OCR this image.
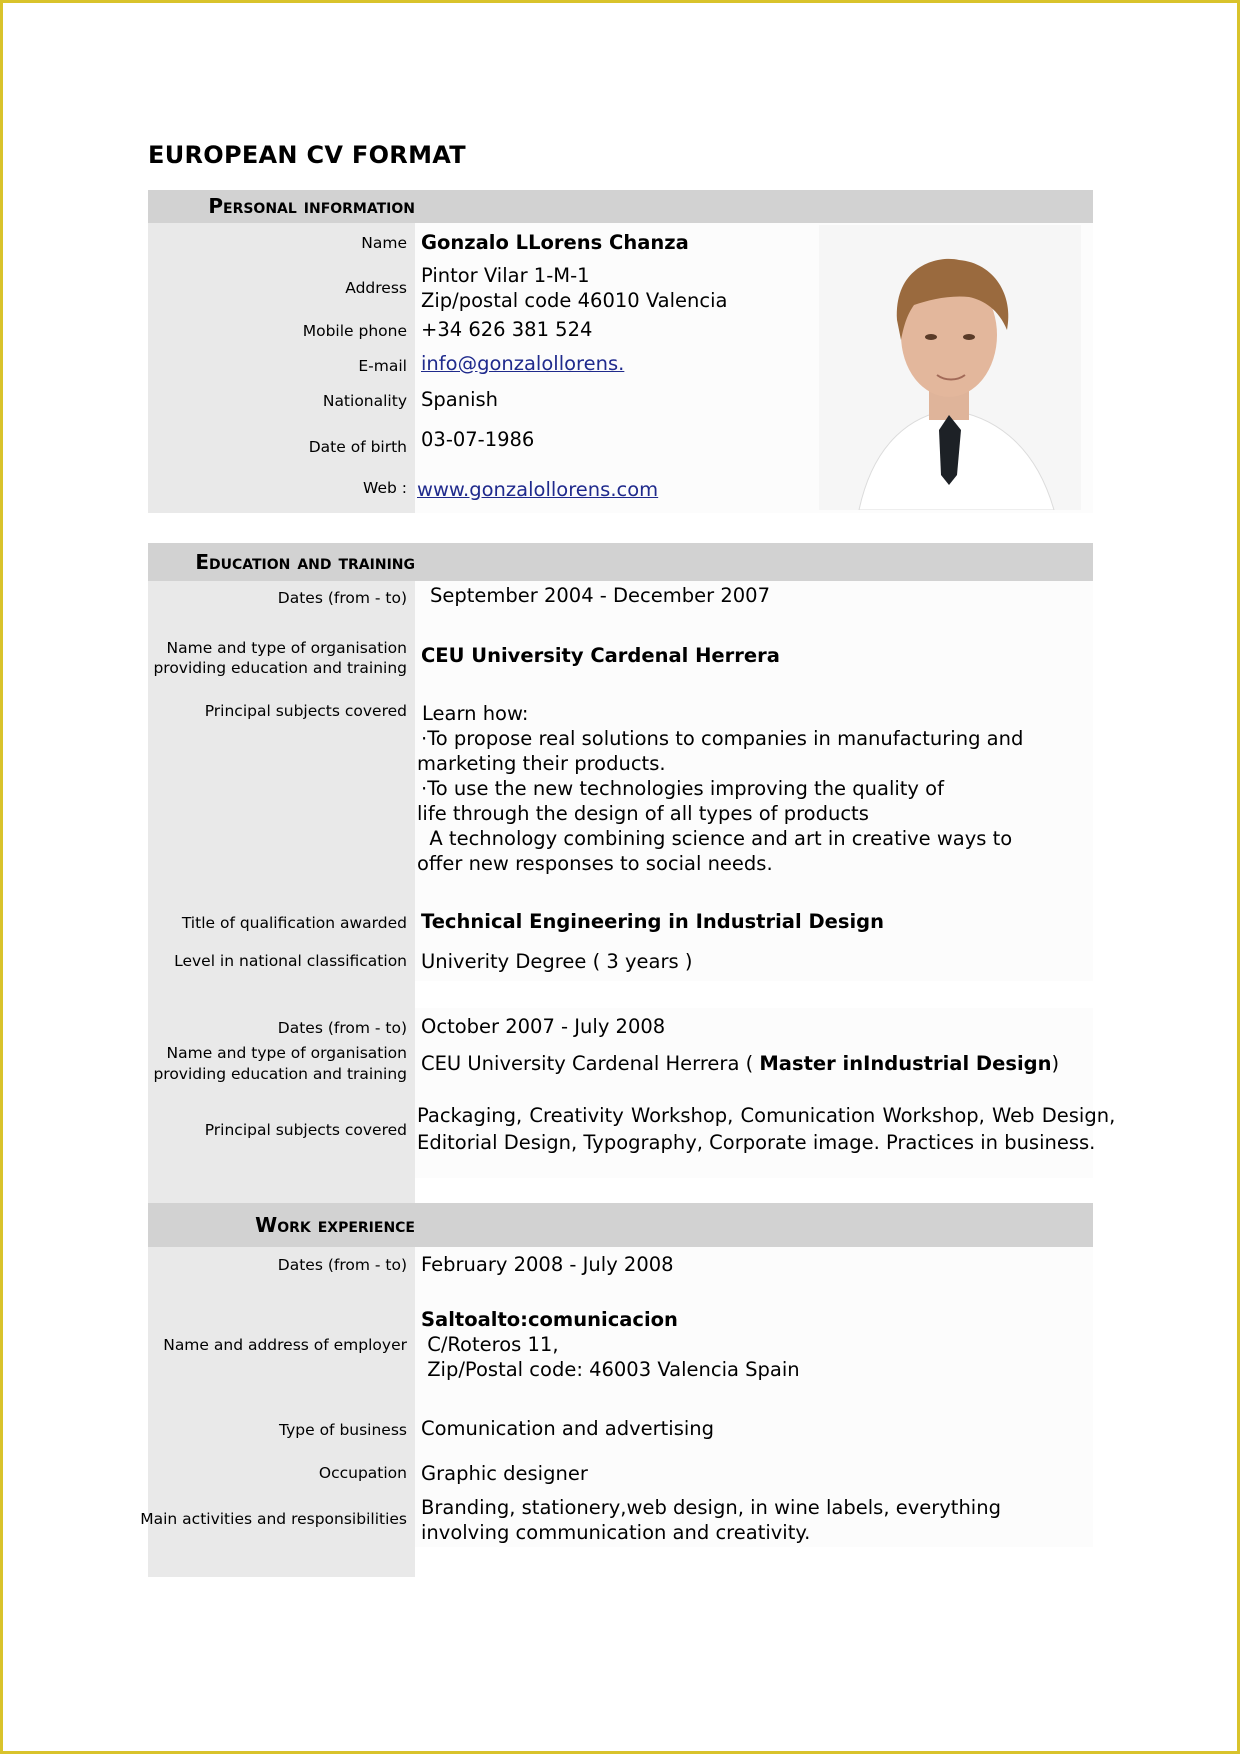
EUROPEAN CV FORMAT
Personal information
Name Gonzalo LLorens Chanza
Address
Pintor Vilar 1-M-1
Zip/postal code 46010 Valencia
Mobile phone +34 626 381 524
E-mail info@gonzalollorens.
Nationality Spanish
Date of birth 03-07-1986
Web : www.gonzalollorens.com
Education and training
Dates (from - to) September 2004 - December 2007
Name and type of organisation
providing education and training
CEU University Cardenal Herrera
Principal subjects covered Learn how:
·To propose real solutions to companies in manufacturing and
marketing their products.
·To use the new technologies improving the quality of
life through the design of all types of products
A technology combining science and art in creative ways to
offer new responses to social needs.
Title of qualification awarded Technical Engineering in Industrial Design
Level in national classification Univerity Degree ( 3 years )
Dates (from - to) October 2007 - July 2008
Name and type of organisation
providing education and training CEU University Cardenal Herrera ( Master inIndustrial Design)
Principal subjects covered
Packaging, Creativity Workshop, Comunication Workshop, Web Design,
Editorial Design, Typography, Corporate image. Practices in business.
Work experience
Dates (from - to) February 2008 - July 2008
Name and address of employer
Saltoalto:comunicacion
C/Roteros 11,
Zip/Postal code: 46003 Valencia Spain
Type of business Comunication and advertising
Occupation Graphic designer
Main activities and responsibilities Branding, stationery,web design, in wine labels, everything
involving communication and creativity.
